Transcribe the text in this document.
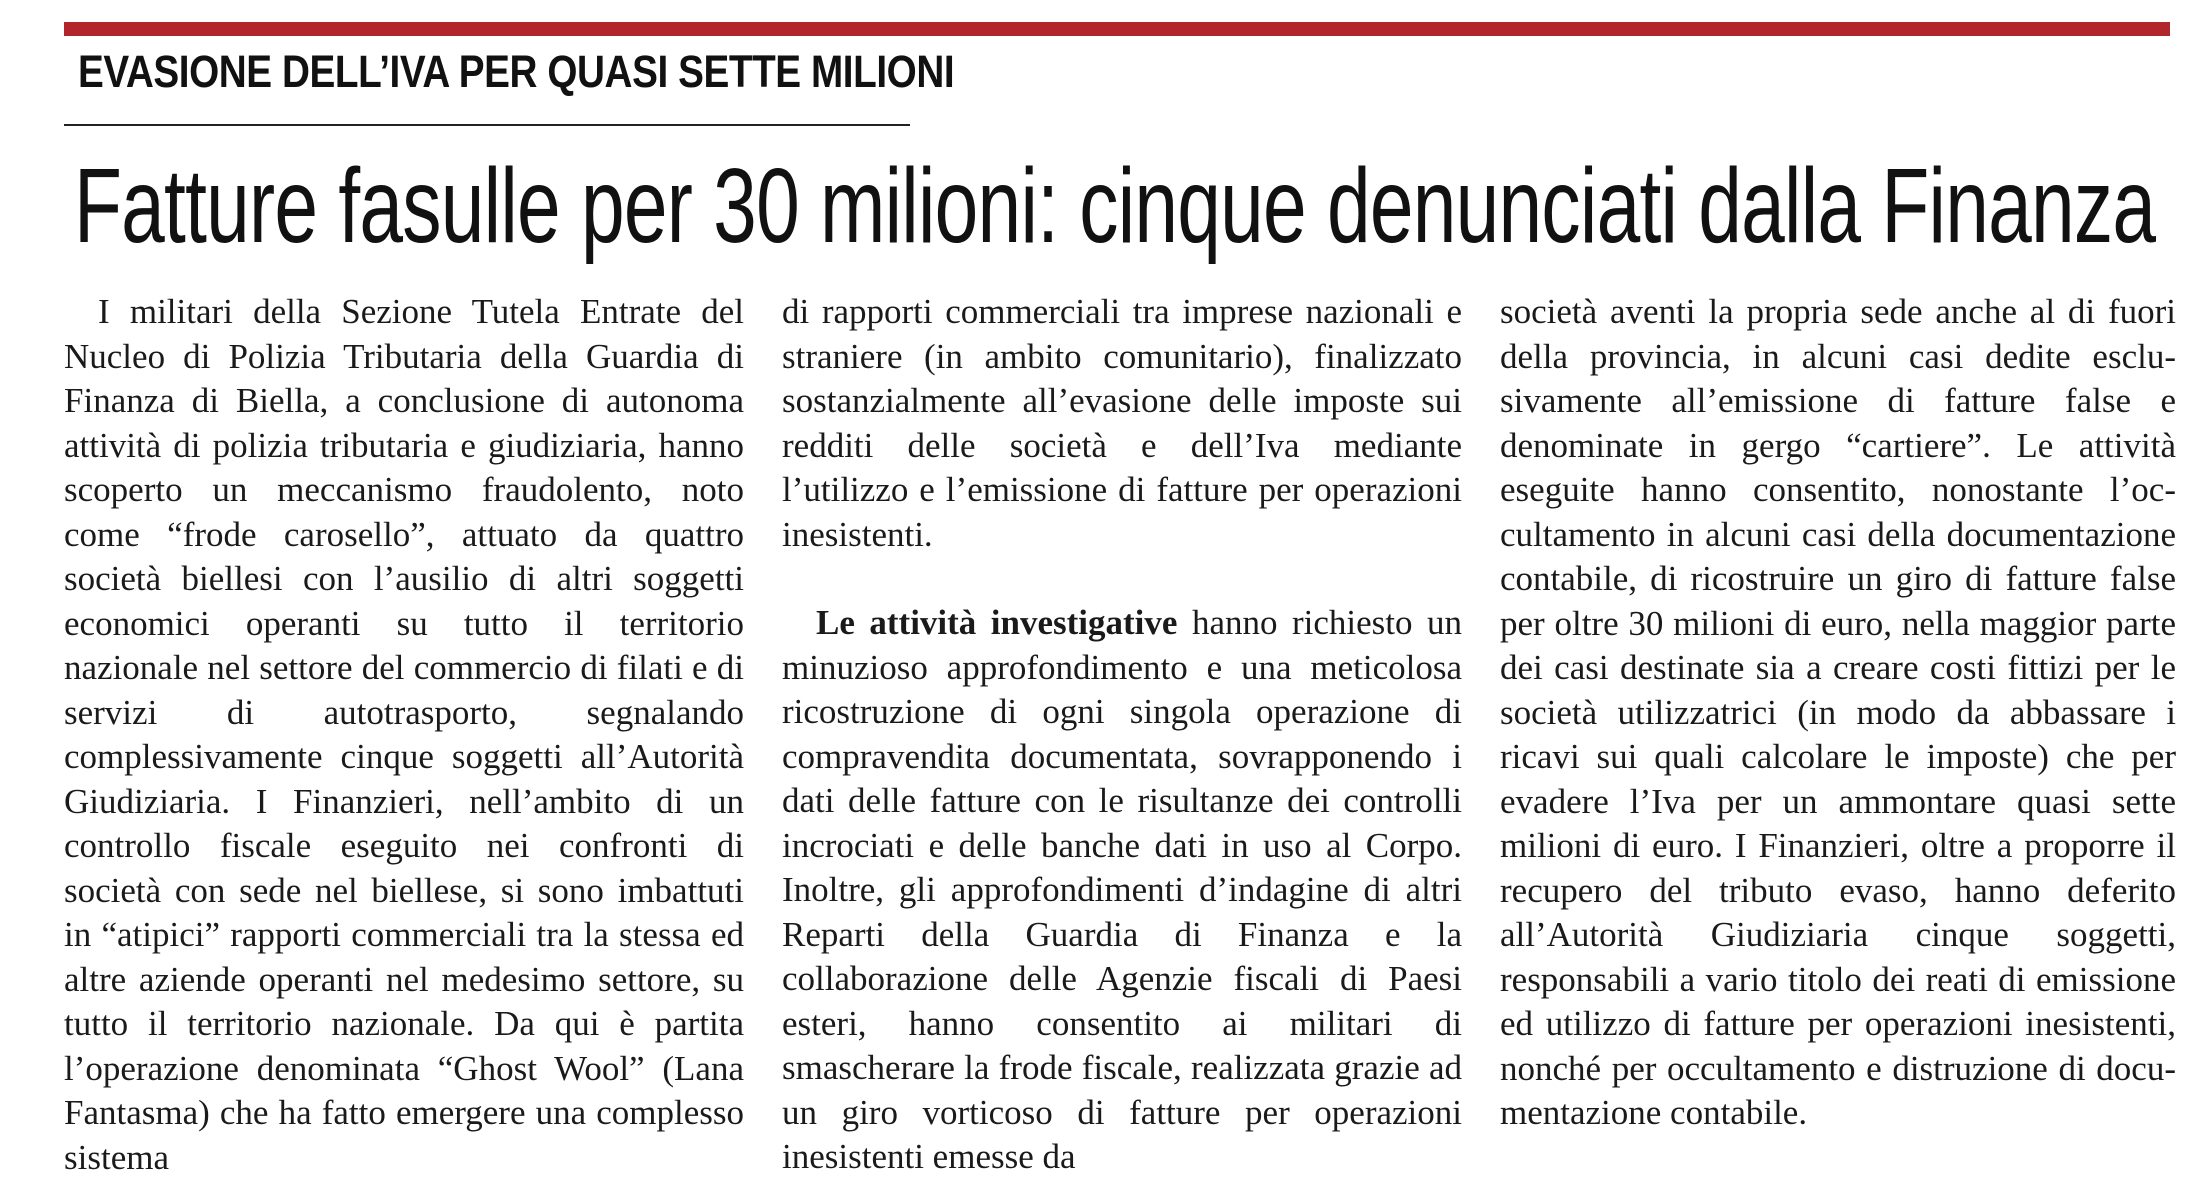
EVASIONE DELL’IVA PER QUASI SETTE MILIONI
Fatture fasulle per 30 milioni: cinque denunciati dalla Finanza

I militari della Sezione Tutela Entrate del Nucleo di Polizia Tributaria della Guardia di Finanza di Biella, a conclusione di autonoma attività di polizia tributaria e giudiziaria, hanno scoperto un meccanismo fraudolento, noto come “frode carosello”, attuato da quattro società biellesi con l’ausilio di altri soggetti economici operanti su tutto il territorio nazionale nel settore del commercio di filati e di servizi di autotrasporto, segnalando complessivamente cinque soggetti all’Autorità Giudiziaria. I Finanzieri, nell’ambito di un controllo fiscale eseguito nei confronti di società con sede nel biellese, si sono imbattuti in “atipici” rapporti commerciali tra la stessa ed altre aziende operanti nel medesimo settore, su tutto il territorio nazionale. Da qui è partita l’operazione denominata “Ghost Wool” (Lana Fantasma) che ha fatto emergere una complesso sistema

di rapporti commerciali tra imprese nazionali e straniere (in ambito comunitario), finalizzato sostanzialmente all’evasione delle imposte sui redditi delle società e dell’Iva mediante l’utilizzo e l’emissione di fatture per operazioni inesistenti.

Le attività investigative hanno richiesto un minuzioso approfondimento e una meticolosa ricostruzione di ogni singola operazione di compravendita documentata, sovrapponendo i dati delle fatture con le risultanze dei controlli incrociati e delle banche dati in uso al Corpo. Inoltre, gli approfondimenti d’indagine di altri Reparti della Guardia di Finanza e la collaborazione delle Agenzie fiscali di Paesi esteri, hanno consentito ai militari di smascherare la frode fiscale, realizzata grazie ad un giro vorticoso di fatture per operazioni inesistenti emesse da

società aventi la propria sede anche al di fuori della provincia, in alcuni casi dedite esclusivamente all’emissione di fatture false e denominate in gergo “cartiere”. Le attività eseguite hanno consentito, nonostante l’occultamento in alcuni casi della documentazione contabile, di ricostruire un giro di fatture false per oltre 30 milioni di euro, nella maggior parte dei casi destinate sia a creare costi fittizi per le società utilizzatrici (in modo da abbassare i ricavi sui quali calcolare le imposte) che per evadere l’Iva per un ammontare quasi sette milioni di euro. I Finanzieri, oltre a proporre il recupero del tributo evaso, hanno deferito all’Autorità Giudiziaria cinque soggetti, responsabili a vario titolo dei reati di emissione ed utilizzo di fatture per operazioni inesistenti, nonché per occultamento e distruzione di documentazione contabile.
